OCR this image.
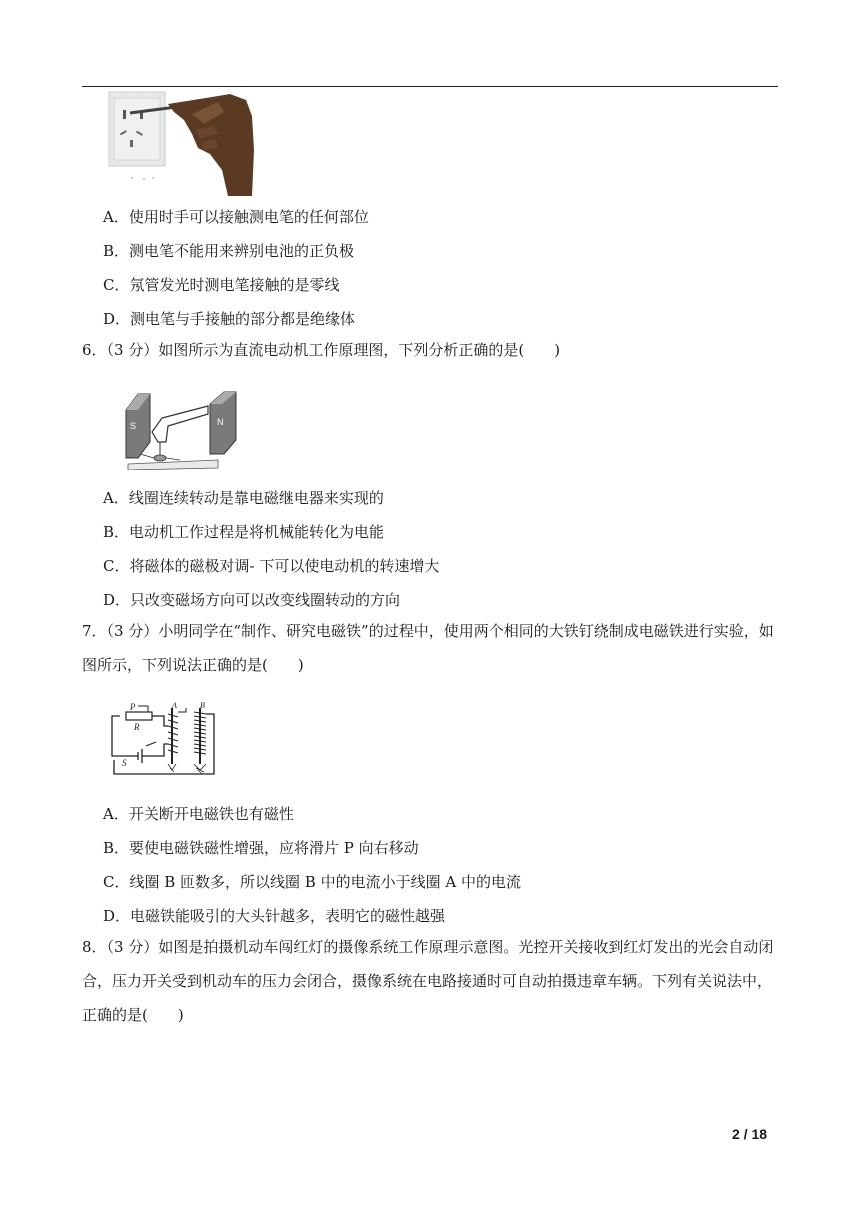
A．使用时手可以接触测电笔的任何部位
B．测电笔不能用来辨别电池的正负极
C．氖管发光时测电笔接触的是零线
D．测电笔与手接触的部分都是绝缘体
6．（3 分）如图所示为直流电动机工作原理图，下列分析正确的是(　　)
S	N
A．线圈连续转动是靠电磁继电器来实现的
B．电动机工作过程是将机械能转化为电能
C．将磁体的磁极对调- 下可以使电动机的转速增大
D．只改变磁场方向可以改变线圈转动的方向
7．（3 分）小明同学在“制作、研究电磁铁”的过程中，使用两个相同的大铁钉绕制成电磁铁进行实验，如图所示，下列说法正确的是(　　)
P
R
S
A	B
A．开关断开电磁铁也有磁性
B．要使电磁铁磁性增强，应将滑片 P 向右移动
C．线圈 B 匝数多，所以线圈 B 中的电流小于线圈 A 中的电流
D．电磁铁能吸引的大头针越多，表明它的磁性越强
8．（3 分）如图是拍摄机动车闯红灯的摄像系统工作原理示意图。光控开关接收到红灯发出的光会自动闭合，压力开关受到机动车的压力会闭合，摄像系统在电路接通时可自动拍摄违章车辆。下列有关说法中，正确的是(　　)
2 / 18
